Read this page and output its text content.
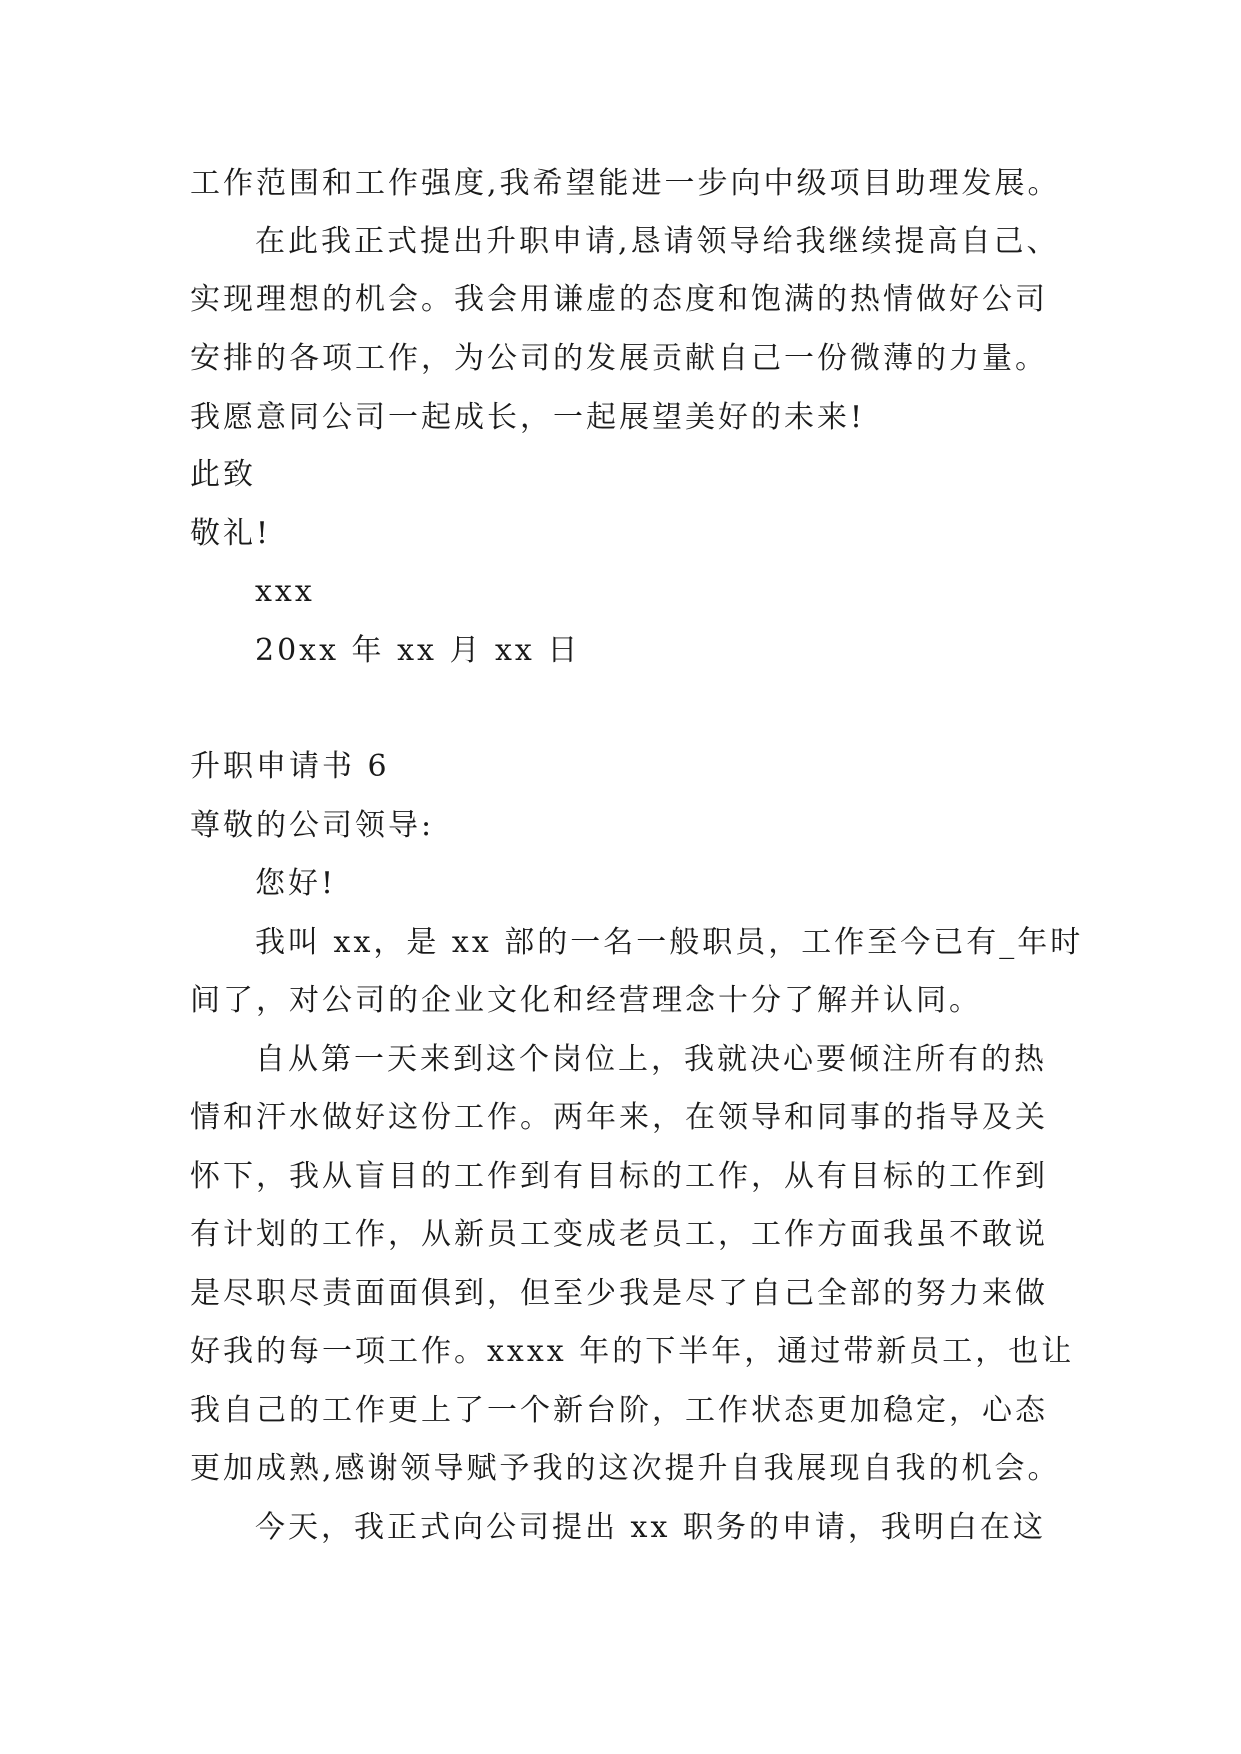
工作范围和工作强度,我希望能进一步向中级项目助理发展。
在此我正式提出升职申请,恳请领导给我继续提高自己、
实现理想的机会。我会用谦虚的态度和饱满的热情做好公司
安排的各项工作，为公司的发展贡献自己一份微薄的力量。
我愿意同公司一起成长，一起展望美好的未来!
此致
敬礼!
xxx
20xx 年 xx 月 xx 日
升职申请书 6
尊敬的公司领导:
您好!
我叫 xx，是 xx 部的一名一般职员，工作至今已有_年时
间了，对公司的企业文化和经营理念十分了解并认同。
自从第一天来到这个岗位上，我就决心要倾注所有的热
情和汗水做好这份工作。两年来，在领导和同事的指导及关
怀下，我从盲目的工作到有目标的工作，从有目标的工作到
有计划的工作，从新员工变成老员工，工作方面我虽不敢说
是尽职尽责面面俱到，但至少我是尽了自己全部的努力来做
好我的每一项工作。xxxx 年的下半年，通过带新员工，也让
我自己的工作更上了一个新台阶，工作状态更加稳定，心态
更加成熟,感谢领导赋予我的这次提升自我展现自我的机会。
今天，我正式向公司提出 xx 职务的申请，我明白在这
